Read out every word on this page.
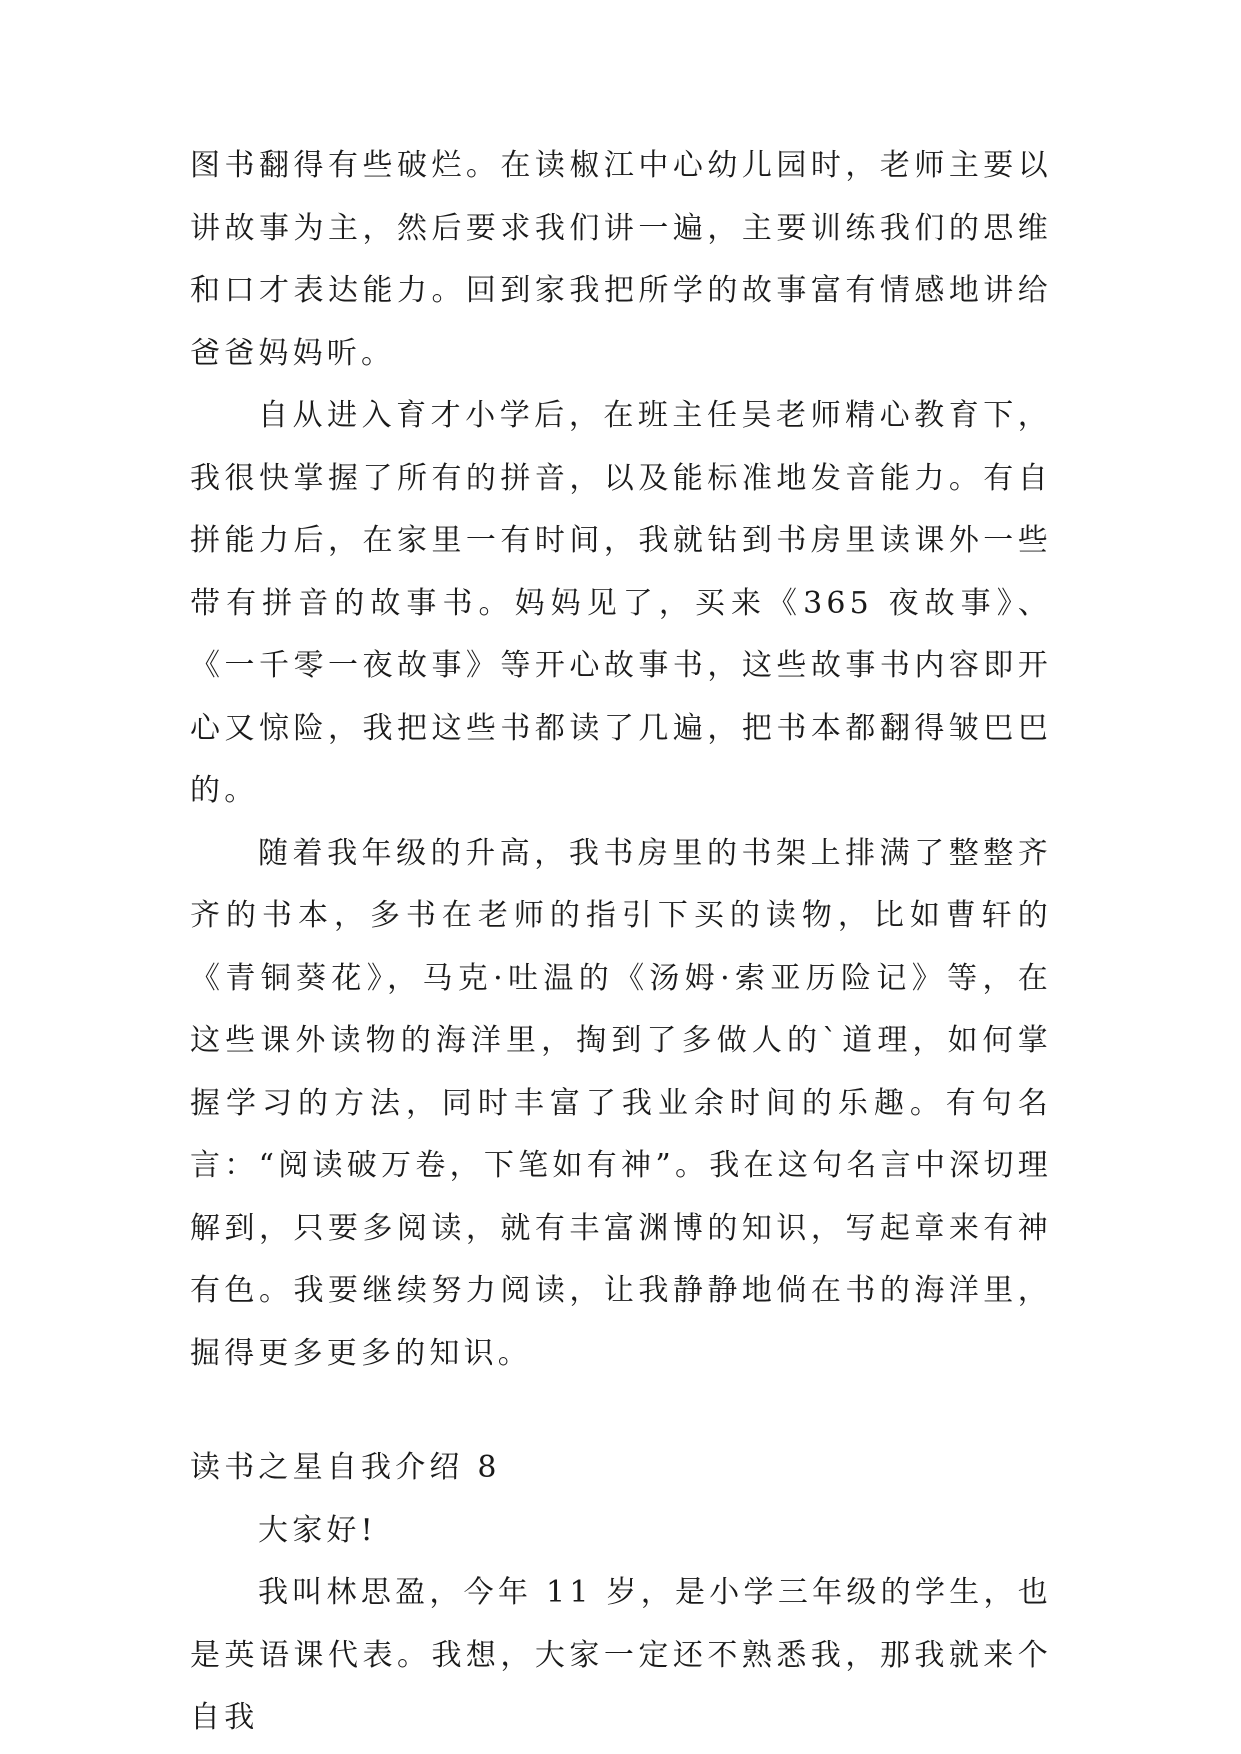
图书翻得有些破烂。在读椒江中心幼儿园时，老师主要以讲故事为主，然后要求我们讲一遍，主要训练我们的思维和口才表达能力。回到家我把所学的故事富有情感地讲给爸爸妈妈听。

自从进入育才小学后，在班主任吴老师精心教育下，我很快掌握了所有的拼音，以及能标准地发音能力。有自拼能力后，在家里一有时间，我就钻到书房里读课外一些带有拼音的故事书。妈妈见了，买来《365 夜故事》、《一千零一夜故事》等开心故事书，这些故事书内容即开心又惊险，我把这些书都读了几遍，把书本都翻得皱巴巴的。

随着我年级的升高，我书房里的书架上排满了整整齐齐的书本，多书在老师的指引下买的读物，比如曹轩的《青铜葵花》，马克·吐温的《汤姆·索亚历险记》等，在这些课外读物的海洋里，掏到了多做人的`道理，如何掌握学习的方法，同时丰富了我业余时间的乐趣。有句名言：“阅读破万卷，下笔如有神”。我在这句名言中深切理解到，只要多阅读，就有丰富渊博的知识，写起章来有神有色。我要继续努力阅读，让我静静地倘在书的海洋里，掘得更多更多的知识。

读书之星自我介绍 8

大家好!

我叫林思盈，今年 11 岁，是小学三年级的学生，也是英语课代表。我想，大家一定还不熟悉我，那我就来个自我
